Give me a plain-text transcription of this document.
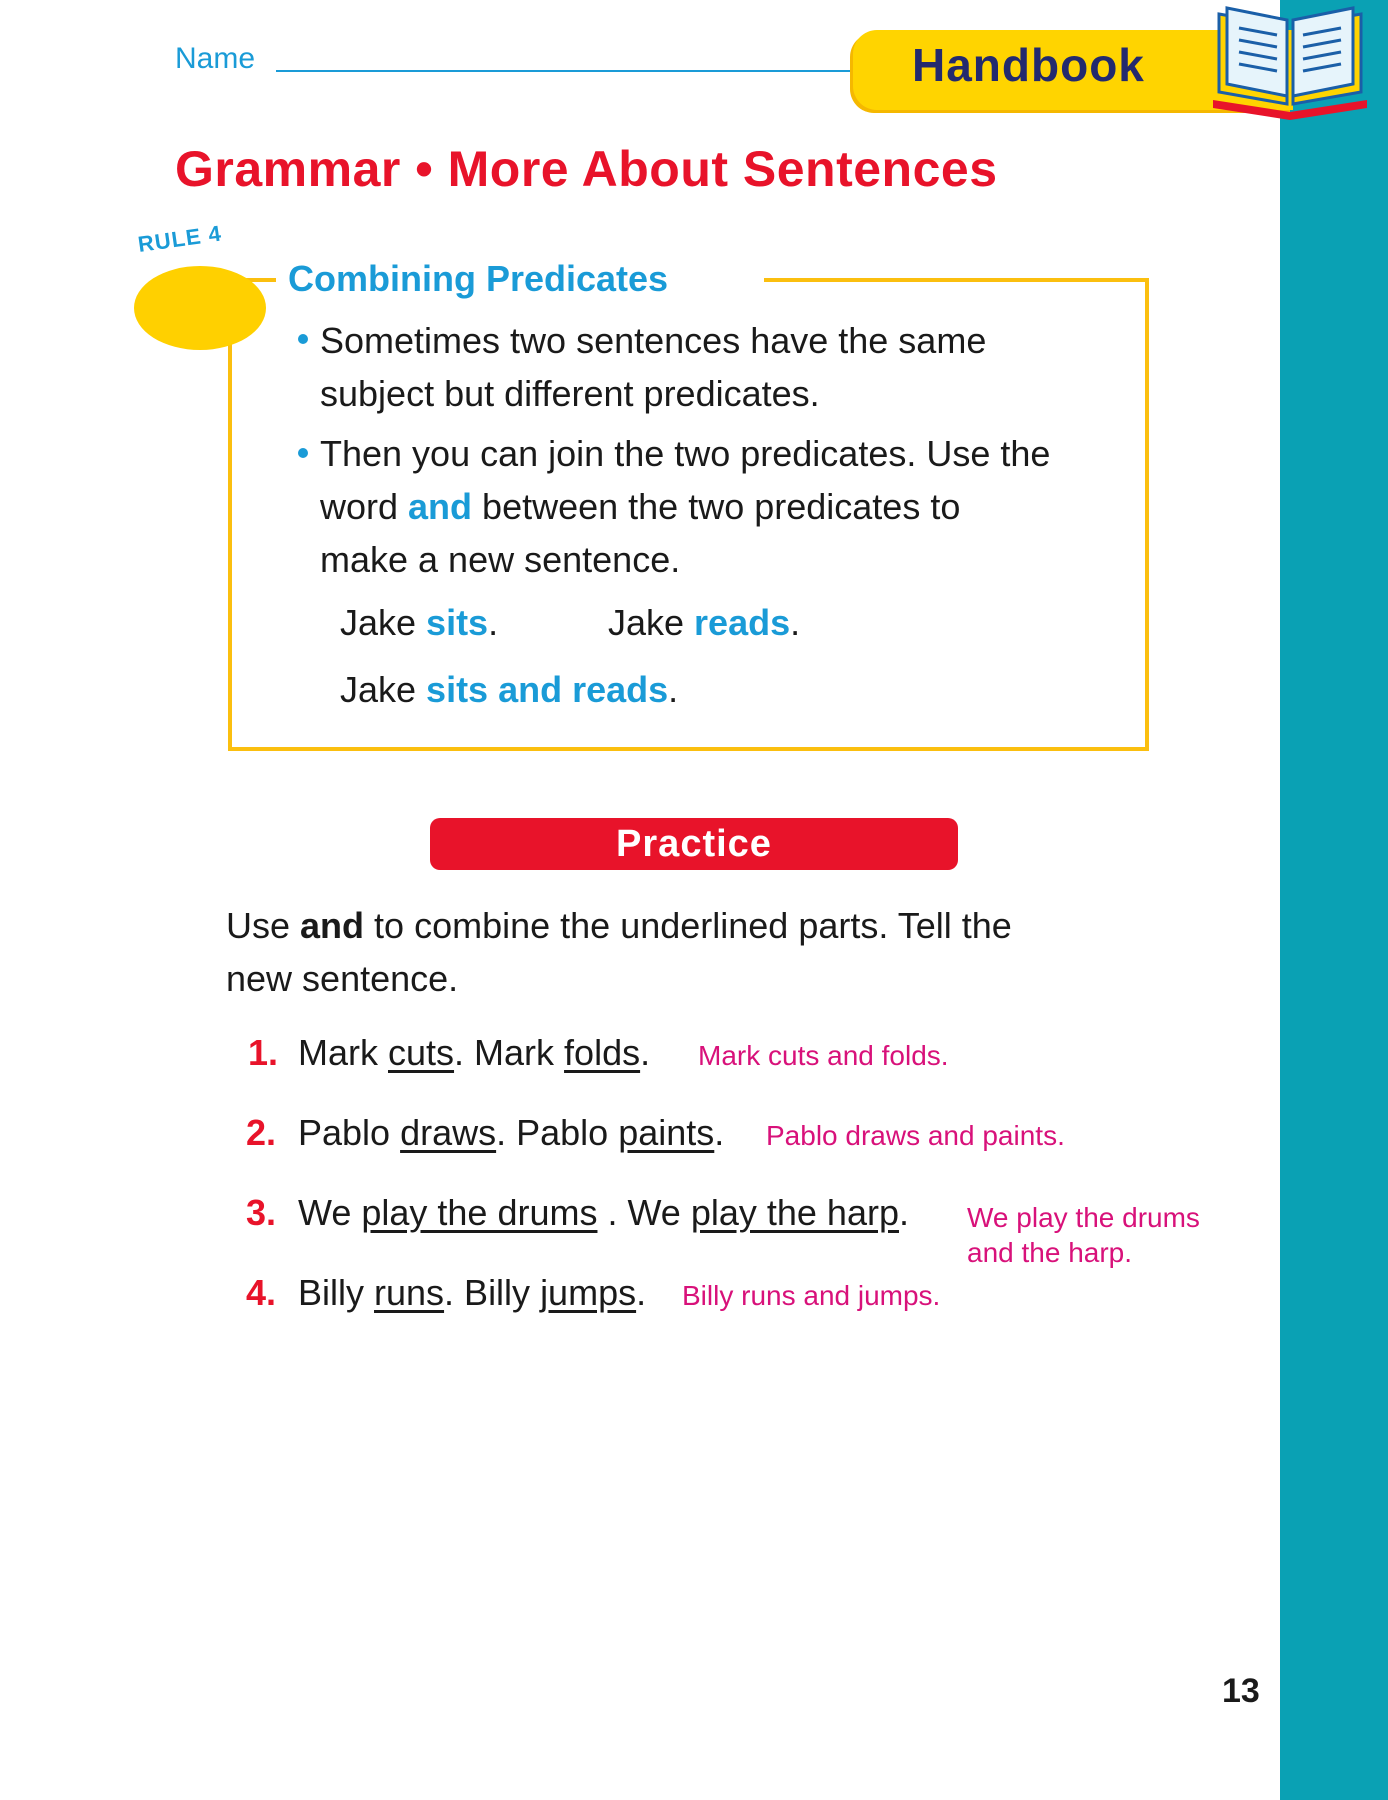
Name	Handbook
Grammar • More About Sentences
RULE 4
Combining Predicates
Sometimes two sentences have the same
subject but different predicates.
Then you can join the two predicates. Use the
word and between the two predicates to
make a new sentence.
Jake sits.	Jake reads.
Jake sits and reads.
Practice
Use and to combine the underlined parts. Tell the
new sentence.
1. Mark cuts. Mark folds. Mark cuts and folds.
2. Pablo draws. Pablo paints. Pablo draws and paints.
3. We play the drums . We play the harp. We play the drums
and the harp.
4. Billy runs. Billy jumps. Billy runs and jumps.
13
